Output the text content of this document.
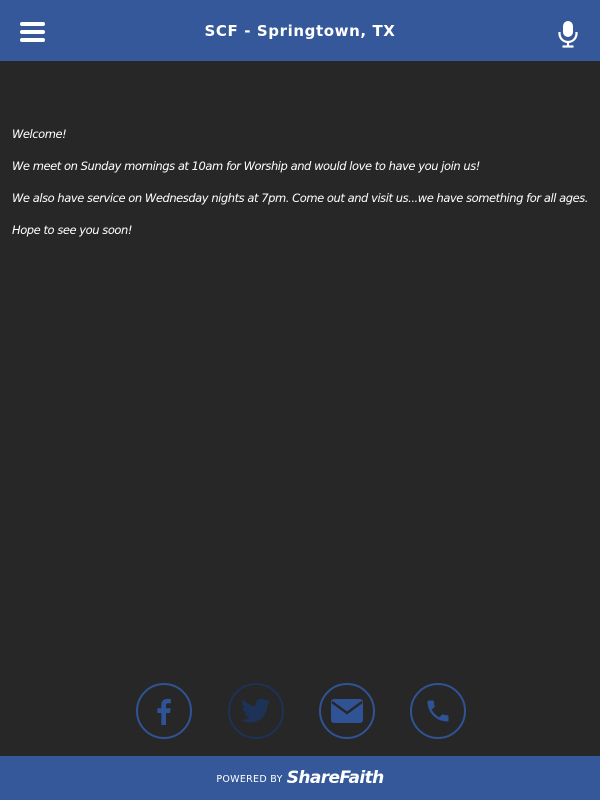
SCF - Springtown, TX

Welcome!

We meet on Sunday mornings at 10am for Worship and would love to have you join us!

We also have service on Wednesday nights at 7pm. Come out and visit us...we have something for all ages.

Hope to see you soon!

POWERED BY ShareFaith
